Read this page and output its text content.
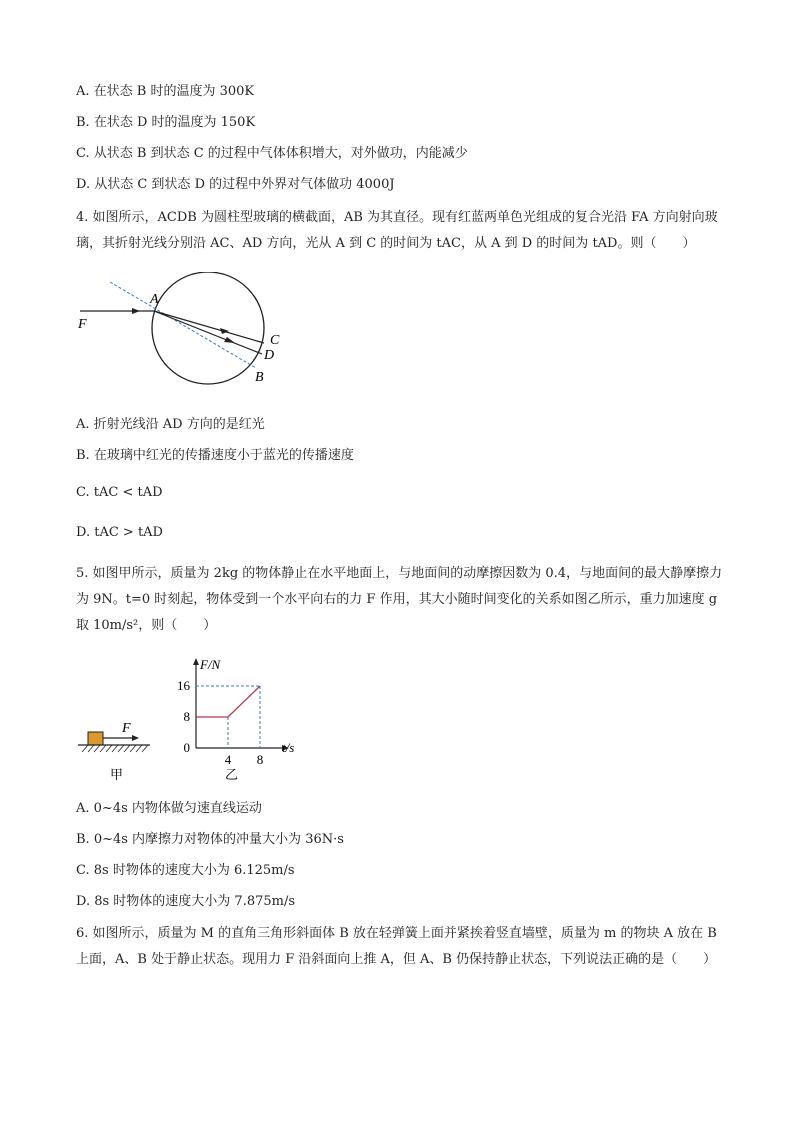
A. 在状态 B 时的温度为 300K
B. 在状态 D 时的温度为 150K
C. 从状态 B 到状态 C 的过程中气体体积增大，对外做功，内能减少
D. 从状态 C 到状态 D 的过程中外界对气体做功 4000J
4. 如图所示，ACDB 为圆柱型玻璃的横截面，AB 为其直径。现有红蓝两单色光组成的复合光沿 FA 方向射向玻璃，其折射光线分别沿 AC、AD 方向，光从 A 到 C 的时间为 tAC，从 A 到 D 的时间为 tAD。则（　　）
F
A
C
D
B
A. 折射光线沿 AD 方向的是红光
B. 在玻璃中红光的传播速度小于蓝光的传播速度
C. tAC < tAD
D. tAC > tAD
5. 如图甲所示，质量为 2kg 的物体静止在水平地面上，与地面间的动摩擦因数为 0.4，与地面间的最大静摩擦力为 9N。t=0 时刻起，物体受到一个水平向右的力 F 作用，其大小随时间变化的关系如图乙所示，重力加速度 g 取 10m/s²，则（　　）
F
甲
8
16
4 8
0
F/N
t/s
乙
A. 0~4s 内物体做匀速直线运动
B. 0~4s 内摩擦力对物体的冲量大小为 36N·s
C. 8s 时物体的速度大小为 6.125m/s
D. 8s 时物体的速度大小为 7.875m/s
6. 如图所示，质量为 M 的直角三角形斜面体 B 放在轻弹簧上面并紧挨着竖直墙壁，质量为 m 的物块 A 放在 B 上面，A、B 处于静止状态。现用力 F 沿斜面向上推 A，但 A、B 仍保持静止状态，下列说法正确的是（　　）
